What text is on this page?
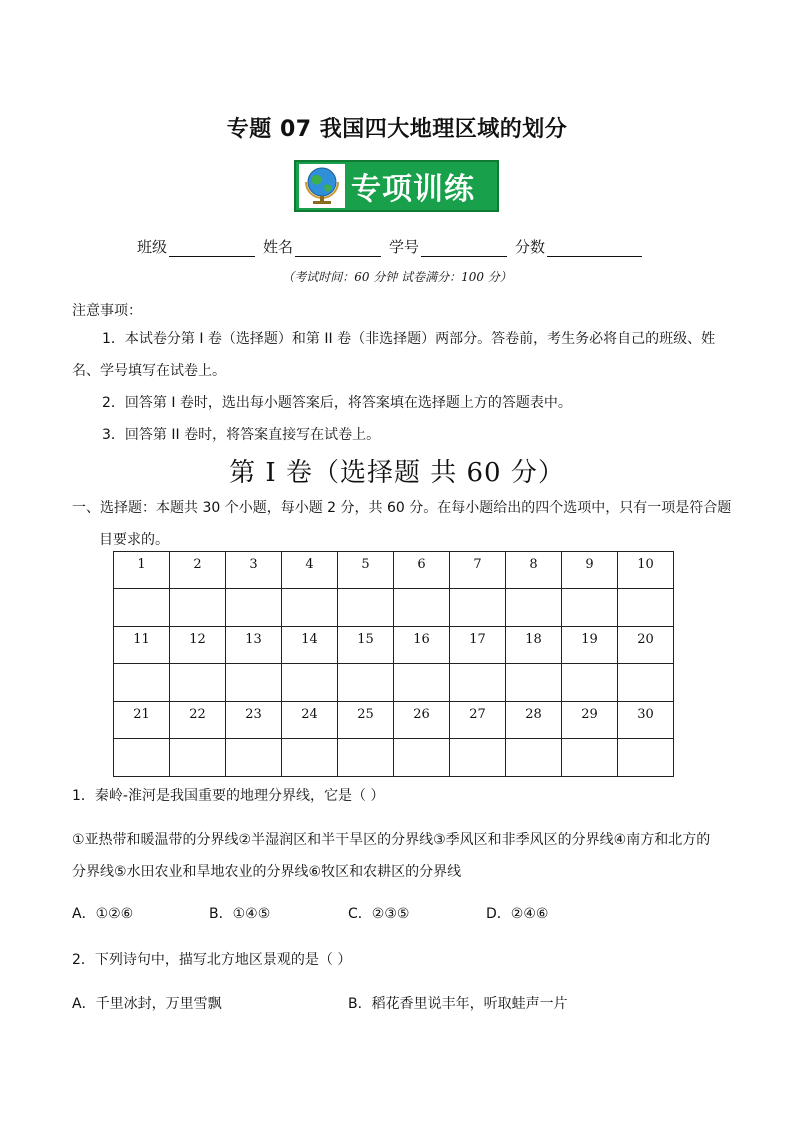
专题 07 我国四大地理区域的划分
专项训练
班级	姓名	学号	分数
（考试时间：60 分钟 试卷满分：100 分）
注意事项：
1．本试卷分第 I 卷（选择题）和第 II 卷（非选择题）两部分。答卷前，考生务必将自己的班级、姓名、学号填写在试卷上。
2．回答第 I 卷时，选出每小题答案后，将答案填在选择题上方的答题表中。
3．回答第 II 卷时，将答案直接写在试卷上。
第 I 卷（选择题 共 60 分）
一、选择题：本题共 30 个小题，每小题 2 分，共 60 分。在每小题给出的四个选项中，只有一项是符合题
目要求的。
1	2	3	4	5	6	7	8	9	10

11	12	13	14	15	16	17	18	19	20

21	22	23	24	25	26	27	28	29	30

1．秦岭-淮河是我国重要的地理分界线，它是（ ）
①亚热带和暖温带的分界线②半湿润区和半干旱区的分界线③季风区和非季风区的分界线④南方和北方的
分界线⑤水田农业和旱地农业的分界线⑥牧区和农耕区的分界线
A．①②⑥	B．①④⑤	C．②③⑤	D．②④⑥
2．下列诗句中，描写北方地区景观的是（ ）
A．千里冰封，万里雪飘	B．稻花香里说丰年，听取蛙声一片
